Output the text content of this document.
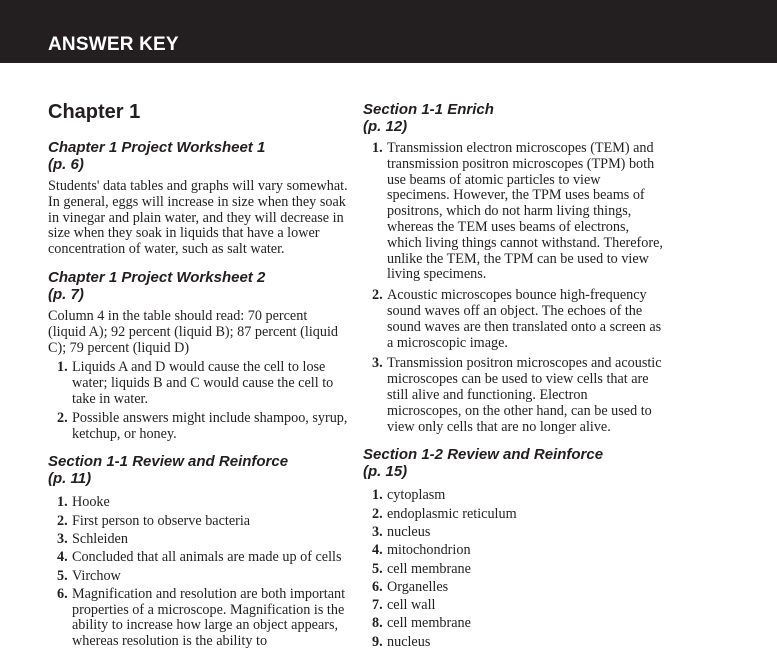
ANSWER KEY
Chapter 1
Chapter 1 Project Worksheet 1
(p. 6)

Students' data tables and graphs will vary somewhat. In general, eggs will increase in size when they soak in vinegar and plain water, and they will decrease in size when they soak in liquids that have a lower concentration of water, such as salt water.

Chapter 1 Project Worksheet 2
(p. 7)

Column 4 in the table should read: 70 percent (liquid A); 92 percent (liquid B); 87 percent (liquid C); 79 percent (liquid D)

1. Liquids A and D would cause the cell to lose water; liquids B and C would cause the cell to take in water.
2. Possible answers might include shampoo, syrup, ketchup, or honey.
Section 1-1 Review and Reinforce
(p. 11)
1. Hooke
2. First person to observe bacteria
3. Schleiden
4. Concluded that all animals are made up of cells
5. Virchow
6. Magnification and resolution are both important properties of a microscope. Magnification is the ability to increase how large an object appears, whereas resolution is the ability to
Section 1-1 Enrich
(p. 12)
1. Transmission electron microscopes (TEM) and transmission positron microscopes (TPM) both use beams of atomic particles to view specimens. However, the TPM uses beams of positrons, which do not harm living things, whereas the TEM uses beams of electrons, which living things cannot withstand. Therefore, unlike the TEM, the TPM can be used to view living specimens.
2. Acoustic microscopes bounce high-frequency sound waves off an object. The echoes of the sound waves are then translated onto a screen as a microscopic image.
3. Transmission positron microscopes and acoustic microscopes can be used to view cells that are still alive and functioning. Electron microscopes, on the other hand, can be used to view only cells that are no longer alive.
Section 1-2 Review and Reinforce
(p. 15)
1. cytoplasm
2. endoplasmic reticulum
3. nucleus
4. mitochondrion
5. cell membrane
6. Organelles
7. cell wall
8. cell membrane
9. nucleus
